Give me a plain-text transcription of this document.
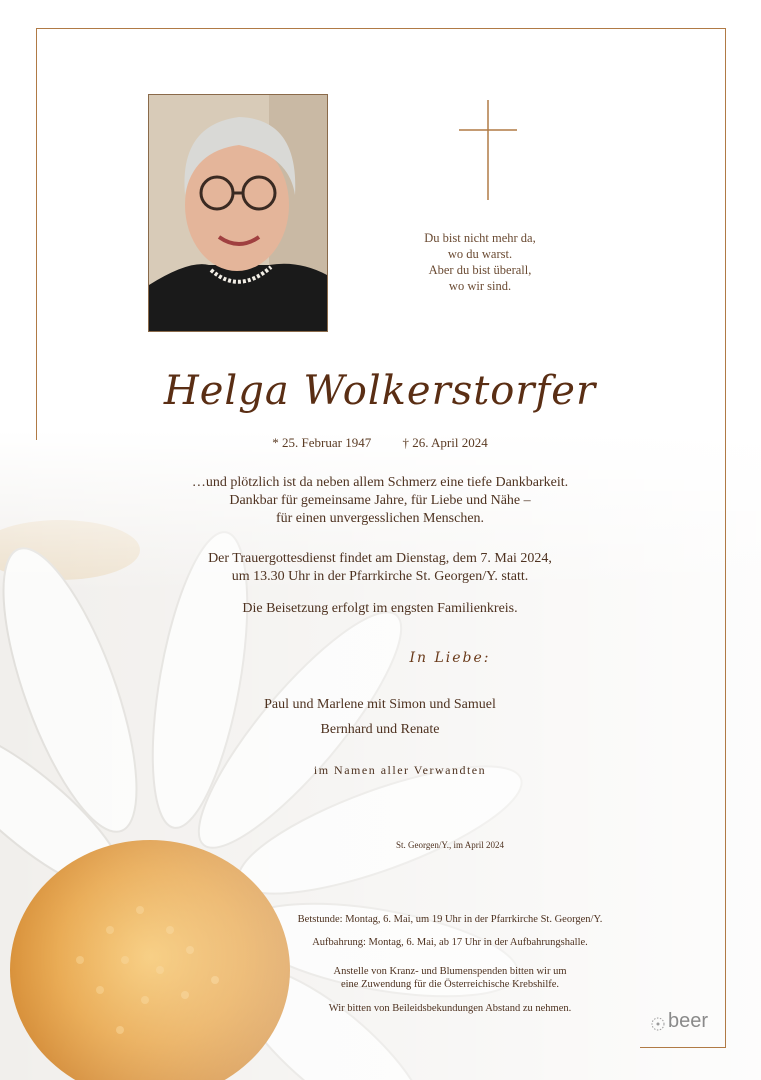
Du bist nicht mehr da,
wo du warst.
Aber du bist überall,
wo wir sind.
Helga Wolkerstorfer
* 25. Februar 1947 † 26. April 2024
…und plötzlich ist da neben allem Schmerz eine tiefe Dankbarkeit.
Dankbar für gemeinsame Jahre, für Liebe und Nähe –
für einen unvergesslichen Menschen.
Der Trauergottesdienst findet am Dienstag, dem 7. Mai 2024,
um 13.30 Uhr in der Pfarrkirche St. Georgen/Y. statt.
Die Beisetzung erfolgt im engsten Familienkreis.
In Liebe:
Paul und Marlene mit Simon und Samuel
Bernhard und Renate
im Namen aller Verwandten
St. Georgen/Y., im April 2024
Betstunde: Montag, 6. Mai, um 19 Uhr in der Pfarrkirche St. Georgen/Y.
Aufbahrung: Montag, 6. Mai, ab 17 Uhr in der Aufbahrungshalle.
Anstelle von Kranz- und Blumenspenden bitten wir um
eine Zuwendung für die Österreichische Krebshilfe.
Wir bitten von Beileidsbekundungen Abstand zu nehmen.
beer
